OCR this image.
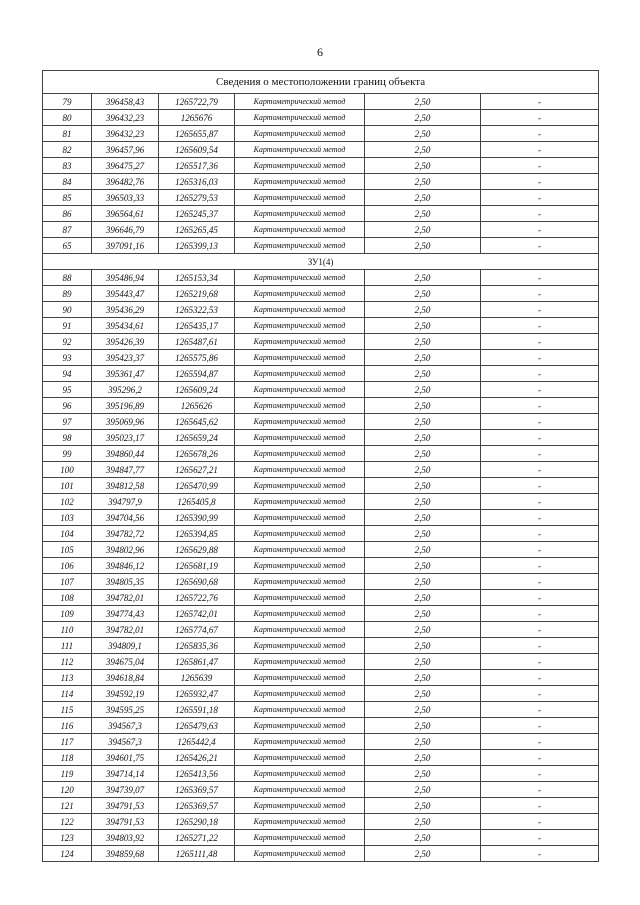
6
Сведения о местоположении границ объекта					
79	396458,43	1265722,79	Картометрический метод	2,50	-
80	396432,23	1265676	Картометрический метод	2,50	-
81	396432,23	1265655,87	Картометрический метод	2,50	-
82	396457,96	1265609,54	Картометрический метод	2,50	-
83	396475,27	1265517,36	Картометрический метод	2,50	-
84	396482,76	1265316,03	Картометрический метод	2,50	-
85	396503,33	1265279,53	Картометрический метод	2,50	-
86	396564,61	1265245,37	Картометрический метод	2,50	-
87	396646,79	1265265,45	Картометрический метод	2,50	-
65	397091,16	1265399,13	Картометрический метод	2,50	-
ЗУ1(4)					
88	395486,94	1265153,34	Картометрический метод	2,50	-
89	395443,47	1265219,68	Картометрический метод	2,50	-
90	395436,29	1265322,53	Картометрический метод	2,50	-
91	395434,61	1265435,17	Картометрический метод	2,50	-
92	395426,39	1265487,61	Картометрический метод	2,50	-
93	395423,37	1265575,86	Картометрический метод	2,50	-
94	395361,47	1265594,87	Картометрический метод	2,50	-
95	395296,2	1265609,24	Картометрический метод	2,50	-
96	395196,89	1265626	Картометрический метод	2,50	-
97	395069,96	1265645,62	Картометрический метод	2,50	-
98	395023,17	1265659,24	Картометрический метод	2,50	-
99	394860,44	1265678,26	Картометрический метод	2,50	-
100	394847,77	1265627,21	Картометрический метод	2,50	-
101	394812,58	1265470,99	Картометрический метод	2,50	-
102	394797,9	1265405,8	Картометрический метод	2,50	-
103	394704,56	1265390,99	Картометрический метод	2,50	-
104	394782,72	1265394,85	Картометрический метод	2,50	-
105	394802,96	1265629,88	Картометрический метод	2,50	-
106	394846,12	1265681,19	Картометрический метод	2,50	-
107	394805,35	1265690,68	Картометрический метод	2,50	-
108	394782,01	1265722,76	Картометрический метод	2,50	-
109	394774,43	1265742,01	Картометрический метод	2,50	-
110	394782,01	1265774,67	Картометрический метод	2,50	-
111	394809,1	1265835,36	Картометрический метод	2,50	-
112	394675,04	1265861,47	Картометрический метод	2,50	-
113	394618,84	1265639	Картометрический метод	2,50	-
114	394592,19	1265932,47	Картометрический метод	2,50	-
115	394595,25	1265591,18	Картометрический метод	2,50	-
116	394567,3	1265479,63	Картометрический метод	2,50	-
117	394567,3	1265442,4	Картометрический метод	2,50	-
118	394601,75	1265426,21	Картометрический метод	2,50	-
119	394714,14	1265413,56	Картометрический метод	2,50	-
120	394739,07	1265369,57	Картометрический метод	2,50	-
121	394791,53	1265369,57	Картометрический метод	2,50	-
122	394791,53	1265290,18	Картометрический метод	2,50	-
123	394803,92	1265271,22	Картометрический метод	2,50	-
124	394859,68	1265111,48	Картометрический метод	2,50	-
